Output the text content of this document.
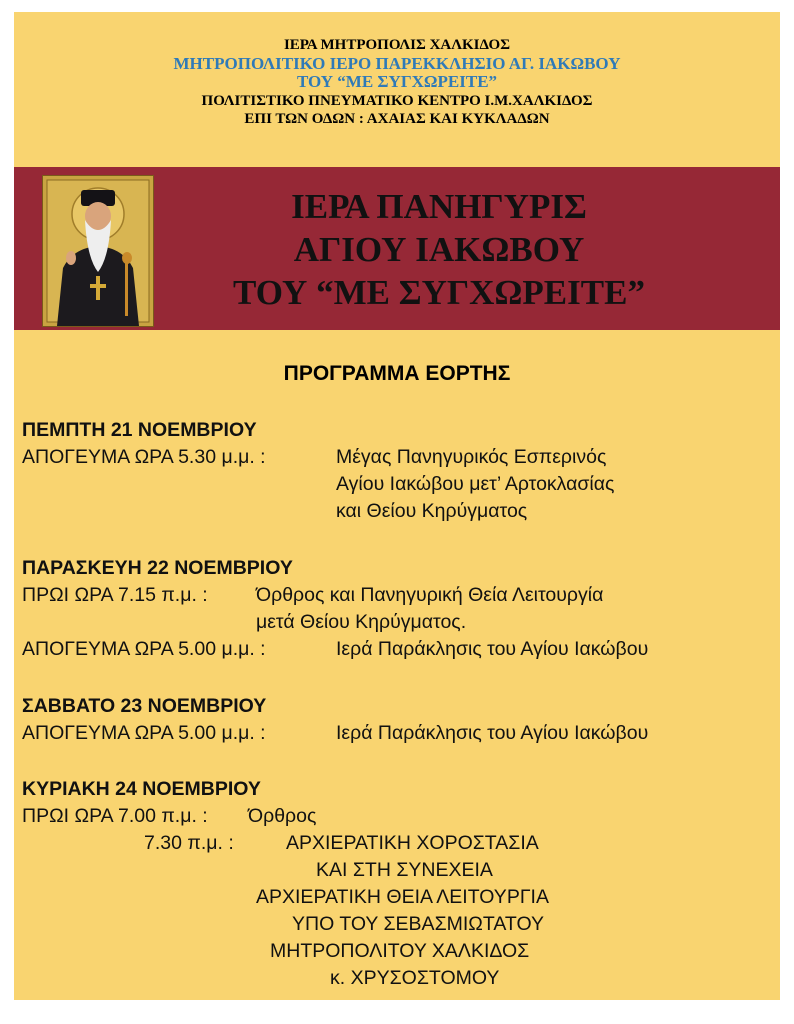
ΙΕΡΑ ΜΗΤΡΟΠΟΛΙΣ ΧΑΛΚΙΔΟΣ
ΜΗΤΡΟΠΟΛΙΤΙΚΟ ΙΕΡΟ ΠΑΡΕΚΚΛΗΣΙΟ ΑΓ. ΙΑΚΩΒΟΥ
ΤΟΥ “ΜΕ ΣΥΓΧΩΡΕΙΤΕ”
ΠΟΛΙΤΙΣΤΙΚΟ ΠΝΕΥΜΑΤΙΚΟ ΚΕΝΤΡΟ Ι.Μ.ΧΑΛΚΙΔΟΣ
ΕΠΙ ΤΩΝ ΟΔΩΝ : ΑΧΑΙΑΣ ΚΑΙ ΚΥΚΛΑΔΩΝ
ΙΕΡΑ ΠΑΝΗΓΥΡΙΣ
ΑΓΙΟΥ ΙΑΚΩΒΟΥ
ΤΟΥ “ΜΕ ΣΥΓΧΩΡΕΙΤΕ”
ΠΡΟΓΡΑΜΜΑ ΕΟΡΤΗΣ
ΠΕΜΠΤΗ 21 ΝΟΕΜΒΡΙΟΥ
ΑΠΟΓΕΥΜΑ ΩΡΑ 5.30 μ.μ. :	Μέγας Πανηγυρικός Εσπερινός
Αγίου Ιακώβου μετ’ Αρτοκλασίας
και Θείου Κηρύγματος
ΠΑΡΑΣΚΕΥΗ 22 ΝΟΕΜΒΡΙΟΥ
ΠΡΩΙ ΩΡΑ 7.15 π.μ. : Όρθρος και Πανηγυρική Θεία Λειτουργία
μετά Θείου Κηρύγματος.
ΑΠΟΓΕΥΜΑ ΩΡΑ 5.00 μ.μ. :	Ιερά Παράκλησις του Αγίου Ιακώβου
ΣΑΒΒΑΤΟ 23 ΝΟΕΜΒΡΙΟΥ
ΑΠΟΓΕΥΜΑ ΩΡΑ 5.00 μ.μ. :	Ιερά Παράκλησις του Αγίου Ιακώβου
ΚΥΡΙΑΚΗ 24 ΝΟΕΜΒΡΙΟΥ
ΠΡΩΙ ΩΡΑ 7.00 π.μ. : Όρθρος
7.30 π.μ. :	ΑΡΧΙΕΡΑΤΙΚΗ ΧΟΡΟΣΤΑΣΙΑ
ΚΑΙ ΣΤΗ ΣΥΝΕΧΕΙΑ
ΑΡΧΙΕΡΑΤΙΚΗ ΘΕΙΑ ΛΕΙΤΟΥΡΓΙΑ
ΥΠΟ ΤΟΥ ΣΕΒΑΣΜΙΩΤΑΤΟΥ
ΜΗΤΡΟΠΟΛΙΤΟΥ ΧΑΛΚΙΔΟΣ
κ. ΧΡΥΣΟΣΤΟΜΟΥ
